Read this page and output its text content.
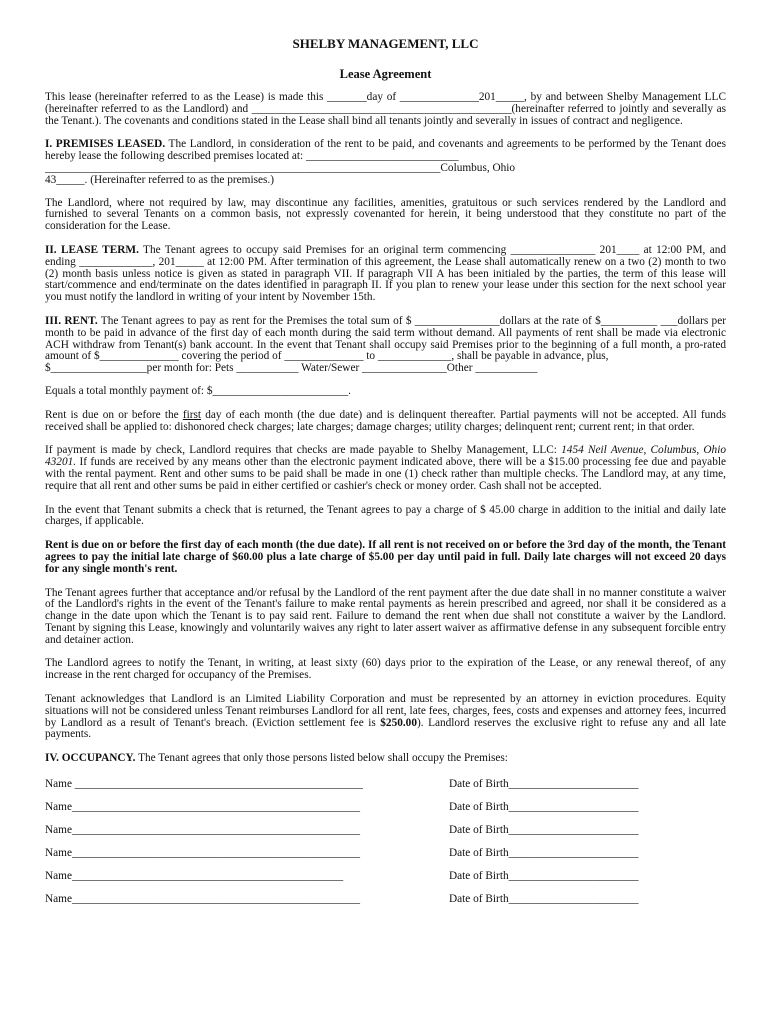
SHELBY MANAGEMENT, LLC
Lease Agreement

This lease (hereinafter referred to as the Lease) is made this _______day of ______________201_____, by and between Shelby Management LLC (hereinafter referred to as the Landlord) and ______________________________________________(hereinafter referred to jointly and severally as the Tenant.). The covenants and conditions stated in the Lease shall bind all tenants jointly and severally in issues of contract and negligence.

I. PREMISES LEASED. The Landlord, in consideration of the rent to be paid, and covenants and agreements to be performed by the Tenant does hereby lease the following described premises located at: ___________________________
______________________________________________________________________Columbus, Ohio
43_____. (Hereinafter referred to as the premises.)

The Landlord, where not required by law, may discontinue any facilities, amenities, gratuitous or such services rendered by the Landlord and furnished to several Tenants on a common basis, not expressly covenanted for herein, it being understood that they constitute no part of the consideration for the Lease.

II. LEASE TERM. The Tenant agrees to occupy said Premises for an original term commencing _______________ 201____ at 12:00 PM, and ending _____________, 201_____ at 12:00 PM. After termination of this agreement, the Lease shall automatically renew on a two (2) month to two (2) month basis unless notice is given as stated in paragraph VII. If paragraph VII A has been initialed by the parties, the term of this lease will start/commence and end/terminate on the dates identified in paragraph II. If you plan to renew your lease under this section for the next school year you must notify the landlord in writing of your intent by November 15th.

III. RENT. The Tenant agrees to pay as rent for the Premises the total sum of $ _______________dollars at the rate of $__________ ___dollars per month to be paid in advance of the first day of each month during the said term without demand. All payments of rent shall be made via electronic ACH withdraw from Tenant(s) bank account. In the event that Tenant shall occupy said Premises prior to the beginning of a full month, a pro-rated amount of $______________ covering the period of ______________ to _____________, shall be payable in advance, plus,
$_________________per month for: Pets ___________ Water/Sewer _______________Other ___________

Equals a total monthly payment of: $________________________.

Rent is due on or before the first day of each month (the due date) and is delinquent thereafter. Partial payments will not be accepted. All funds received shall be applied to: dishonored check charges; late charges; damage charges; utility charges; delinquent rent; current rent; in that order.

If payment is made by check, Landlord requires that checks are made payable to Shelby Management, LLC: 1454 Neil Avenue, Columbus, Ohio 43201. If funds are received by any means other than the electronic payment indicated above, there will be a $15.00 processing fee due and payable with the rental payment. Rent and other sums to be paid shall be made in one (1) check rather than multiple checks. The Landlord may, at any time, require that all rent and other sums be paid in either certified or cashier's check or money order. Cash shall not be accepted.

In the event that Tenant submits a check that is returned, the Tenant agrees to pay a charge of $ 45.00 charge in addition to the initial and daily late charges, if applicable.

Rent is due on or before the first day of each month (the due date). If all rent is not received on or before the 3rd day of the month, the Tenant agrees to pay the initial late charge of $60.00 plus a late charge of $5.00 per day until paid in full. Daily late charges will not exceed 20 days for any single month's rent.

The Tenant agrees further that acceptance and/or refusal by the Landlord of the rent payment after the due date shall in no manner constitute a waiver of the Landlord's rights in the event of the Tenant's failure to make rental payments as herein prescribed and agreed, nor shall it be considered as a change in the date upon which the Tenant is to pay said rent. Failure to demand the rent when due shall not constitute a waiver by the Landlord. Tenant by signing this Lease, knowingly and voluntarily waives any right to later assert waiver as affirmative defense in any subsequent forcible entry and detainer action.

The Landlord agrees to notify the Tenant, in writing, at least sixty (60) days prior to the expiration of the Lease, or any renewal thereof, of any increase in the rent charged for occupancy of the Premises.

Tenant acknowledges that Landlord is an Limited Liability Corporation and must be represented by an attorney in eviction procedures. Equity situations will not be considered unless Tenant reimburses Landlord for all rent, late fees, charges, fees, costs and expenses and attorney fees, incurred by Landlord as a result of Tenant's breach. (Eviction settlement fee is $250.00). Landlord reserves the exclusive right to refuse any and all late payments.

IV. OCCUPANCY. The Tenant agrees that only those persons listed below shall occupy the Premises:

Name ___________________________________________________	Date of Birth_______________________
Name___________________________________________________	Date of Birth_______________________
Name___________________________________________________	Date of Birth_______________________
Name___________________________________________________	Date of Birth_______________________
Name________________________________________________	Date of Birth_______________________
Name___________________________________________________	Date of Birth_______________________
